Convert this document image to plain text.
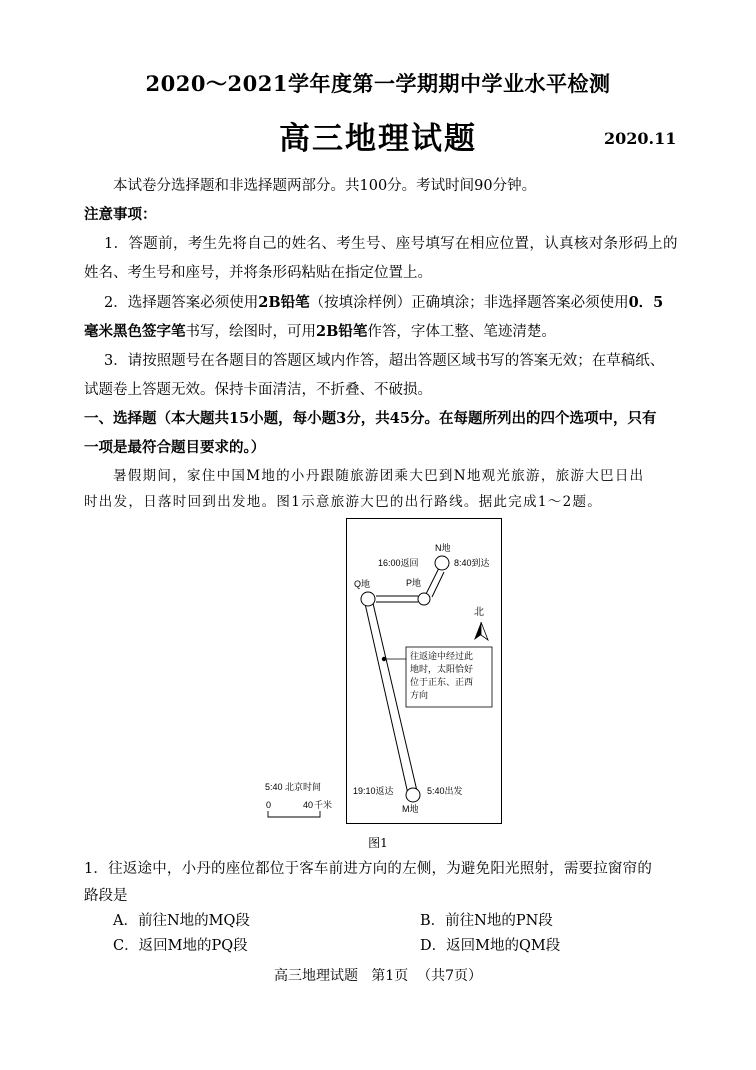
2020～2021学年度第一学期期中学业水平检测
高三地理试题	2020.11
本试卷分选择题和非选择题两部分。共100分。考试时间90分钟。
注意事项：
1．答题前，考生先将自己的姓名、考生号、座号填写在相应位置，认真核对条形码上的
姓名、考生号和座号，并将条形码粘贴在指定位置上。
2．选择题答案必须使用2B铅笔（按填涂样例）正确填涂；非选择题答案必须使用0．5
毫米黑色签字笔书写，绘图时，可用2B铅笔作答，字体工整、笔迹清楚。
3．请按照题号在各题目的答题区域内作答，超出答题区域书写的答案无效；在草稿纸、
试题卷上答题无效。保持卡面清洁，不折叠、不破损。
一、选择题（本大题共15小题，每小题3分，共45分。在每题所列出的四个选项中，只有
一项是最符合题目要求的。）
暑假期间，家住中国M地的小丹跟随旅游团乘大巴到N地观光旅游，旅游大巴日出
时出发，日落时回到出发地。图1示意旅游大巴的出行路线。据此完成1～2题。
往返途中经过此
地时，太阳恰好
位于正东、正西
方向
北
N地
16:00返回	8:40到达
Q地	P地
19:10返达	5:40出发
M地
5:40 北京时间
0	40 千米
图1
1．往返途中，小丹的座位都位于客车前进方向的左侧，为避免阳光照射，需要拉窗帘的
路段是
A．前往N地的MQ段	B．前往N地的PN段
C．返回M地的PQ段	D．返回M地的QM段
高三地理试题   第1页  （共7页）
